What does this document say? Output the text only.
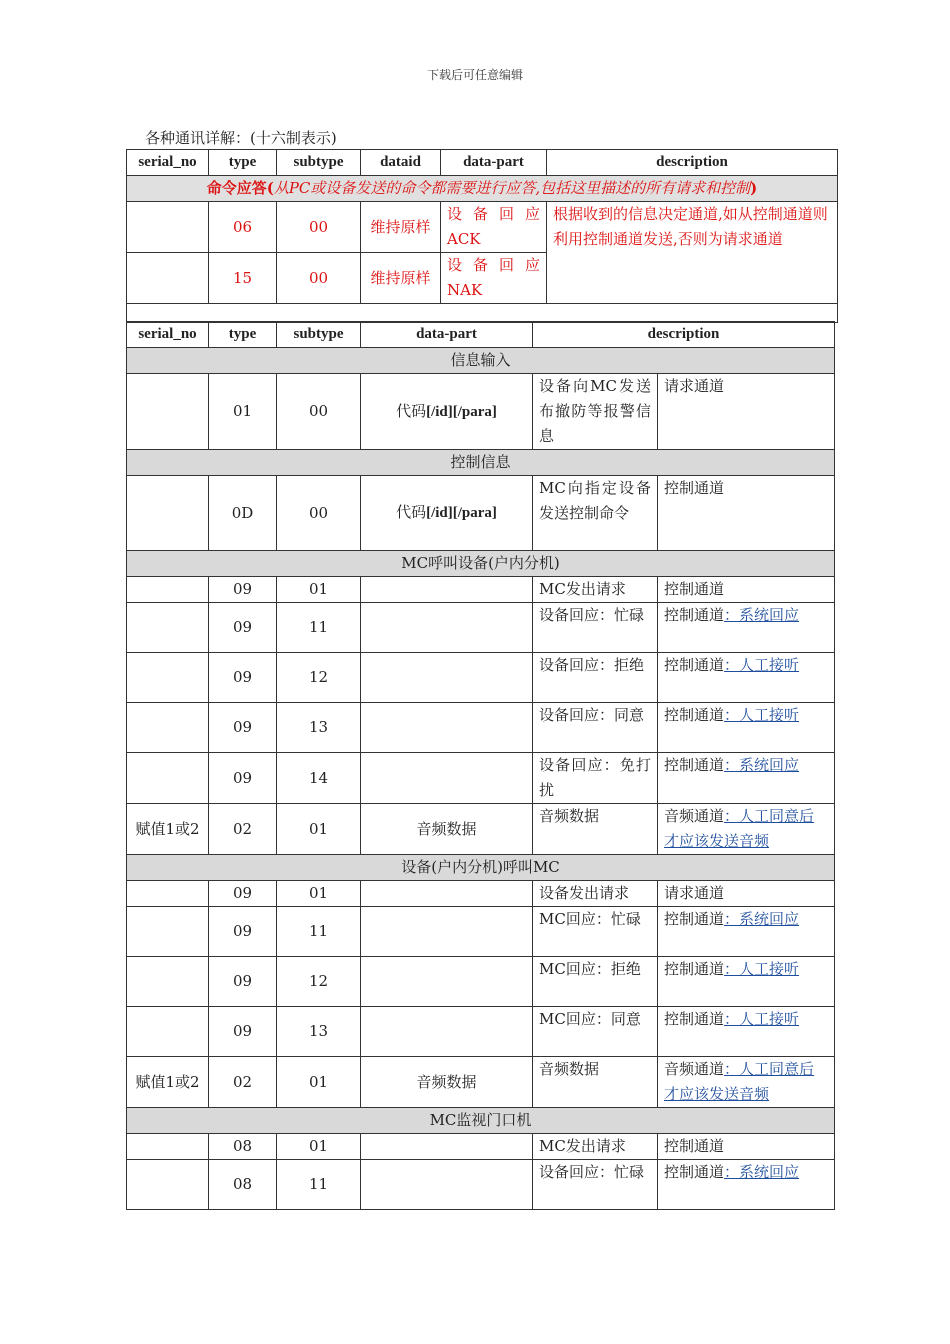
下载后可任意编辑
各种通讯详解：(十六制表示)
serial_no	type	subtype	dataid	data-part	description
命令应答(从PC或设备发送的命令都需要进行应答,包括这里描述的所有请求和控制)					
	06	00	维持原样	设 备 回 应 ACK	根据收到的信息决定通道,如从控制通道则利用控制通道发送,否则为请求通道
	15	00	维持原样	设 备 回 应 NAK	

serial_no	type	subtype	data-part	description	
信息输入					
	01	00	代码[/id][/para]	设备向MC发送布撤防等报警信息	请求通道
控制信息					
	0D	00	代码[/id][/para]	MC向指定设备发送控制命令	控制通道
MC呼叫设备(户内分机)					
	09	01		MC发出请求	控制通道
	09	11		设备回应：忙碌	控制通道：系统回应
	09	12		设备回应：拒绝	控制通道：人工接听
	09	13		设备回应：同意	控制通道：人工接听
	09	14		设备回应：免打扰	控制通道：系统回应
赋值1或2	02	01	音频数据	音频数据	音频通道：人工同意后才应该发送音频
设备(户内分机)呼叫MC					
	09	01		设备发出请求	请求通道
	09	11		MC回应：忙碌	控制通道：系统回应
	09	12		MC回应：拒绝	控制通道：人工接听
	09	13		MC回应：同意	控制通道：人工接听
赋值1或2	02	01	音频数据	音频数据	音频通道：人工同意后才应该发送音频
MC监视门口机					
	08	01		MC发出请求	控制通道
	08	11		设备回应：忙碌	控制通道：系统回应
